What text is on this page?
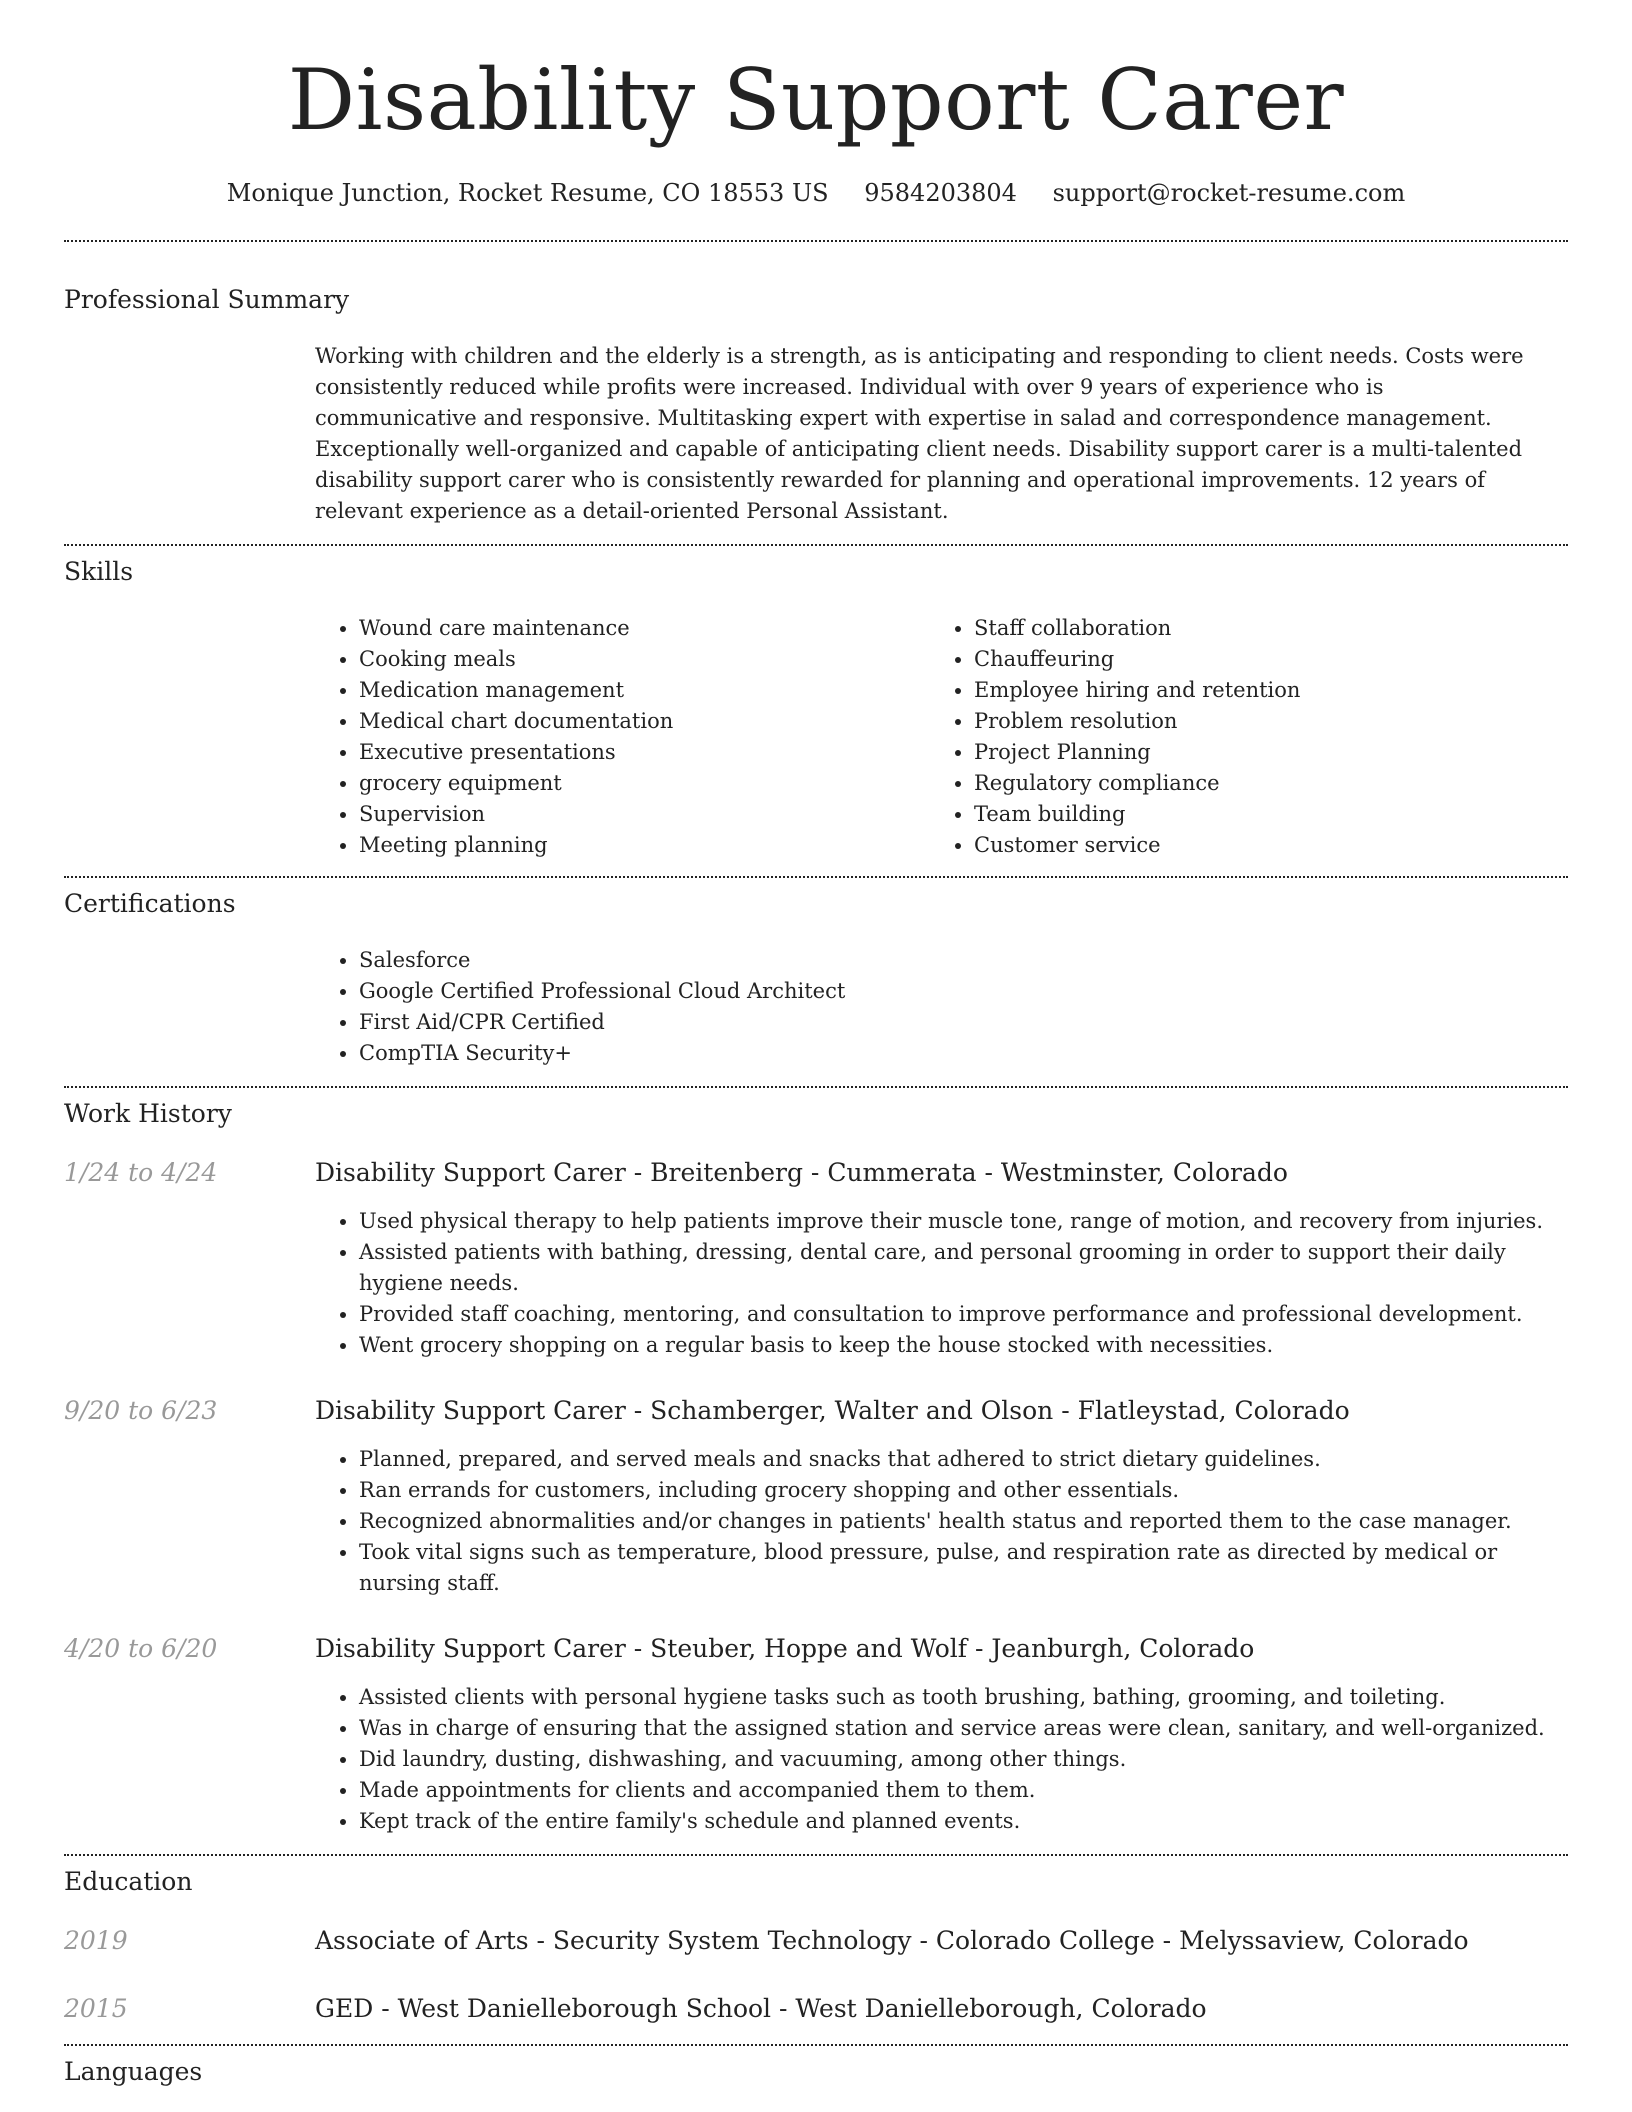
Disability Support Carer
Monique Junction, Rocket Resume, CO 18553 US 9584203804 support@rocket-resume.com
Professional Summary
Working with children and the elderly is a strength, as is anticipating and responding to client needs. Costs were consistently reduced while profits were increased. Individual with over 9 years of experience who is communicative and responsive. Multitasking expert with expertise in salad and correspondence management. Exceptionally well-organized and capable of anticipating client needs. Disability support carer is a multi-talented disability support carer who is consistently rewarded for planning and operational improvements. 12 years of relevant experience as a detail-oriented Personal Assistant.
Skills
• Wound care maintenance
• Cooking meals
• Medication management
• Medical chart documentation
• Executive presentations
• grocery equipment
• Supervision
• Meeting planning
• Staff collaboration
• Chauffeuring
• Employee hiring and retention
• Problem resolution
• Project Planning
• Regulatory compliance
• Team building
• Customer service
Certifications
• Salesforce
• Google Certified Professional Cloud Architect
• First Aid/CPR Certified
• CompTIA Security+
Work History
1/24 to 4/24	Disability Support Carer - Breitenberg - Cummerata - Westminster, Colorado
• Used physical therapy to help patients improve their muscle tone, range of motion, and recovery from injuries.
• Assisted patients with bathing, dressing, dental care, and personal grooming in order to support their daily hygiene needs.
• Provided staff coaching, mentoring, and consultation to improve performance and professional development.
• Went grocery shopping on a regular basis to keep the house stocked with necessities.
9/20 to 6/23	Disability Support Carer - Schamberger, Walter and Olson - Flatleystad, Colorado
• Planned, prepared, and served meals and snacks that adhered to strict dietary guidelines.
• Ran errands for customers, including grocery shopping and other essentials.
• Recognized abnormalities and/or changes in patients' health status and reported them to the case manager.
• Took vital signs such as temperature, blood pressure, pulse, and respiration rate as directed by medical or nursing staff.
4/20 to 6/20	Disability Support Carer - Steuber, Hoppe and Wolf - Jeanburgh, Colorado
• Assisted clients with personal hygiene tasks such as tooth brushing, bathing, grooming, and toileting.
• Was in charge of ensuring that the assigned station and service areas were clean, sanitary, and well-organized.
• Did laundry, dusting, dishwashing, and vacuuming, among other things.
• Made appointments for clients and accompanied them to them.
• Kept track of the entire family's schedule and planned events.
Education
2019	Associate of Arts - Security System Technology - Colorado College - Melyssaview, Colorado
2015	GED - West Danielleborough School - West Danielleborough, Colorado
Languages
